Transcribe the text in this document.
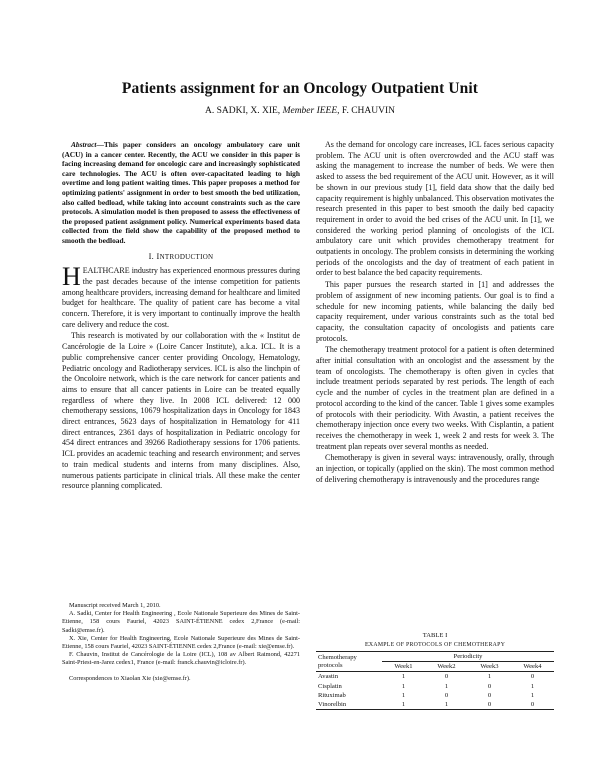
Patients assignment for an Oncology Outpatient Unit
A. SADKI, X. XIE, Member IEEE, F. CHAUVIN

Abstract—This paper considers an oncology ambulatory care unit (ACU) in a cancer center. Recently, the ACU we consider in this paper is facing increasing demand for oncologic care and increasingly sophisticated care technologies. The ACU is often over-capacitated leading to high overtime and long patient waiting times. This paper proposes a method for optimizing patients' assignment in order to best smooth the bed utilization, also called bedload, while taking into account constraints such as the care protocols. A simulation model is then proposed to assess the effectiveness of the proposed patient assignment policy. Numerical experiments based data collected from the field show the capability of the proposed method to smooth the bedload.

I. INTRODUCTION

HEALTHCARE industry has experienced enormous pressures during the past decades because of the intense competition for patients among healthcare providers, increasing demand for healthcare and limited budget for healthcare. The quality of patient care has become a vital concern. Therefore, it is very important to continually improve the health care delivery and reduce the cost.

This research is motivated by our collaboration with the « Institut de Cancérologie de la Loire » (Loire Cancer Institute), a.k.a. ICL. It is a public comprehensive cancer center providing Oncology, Hematology, Pediatric oncology and Radiotherapy services. ICL is also the linchpin of the Oncoloire network, which is the care network for cancer patients and aims to ensure that all cancer patients in Loire can be treated equally regardless of where they live. In 2008 ICL delivered: 12 000 chemotherapy sessions, 10679 hospitalization days in Oncology for 1843 direct entrances, 5623 days of hospitalization in Hematology for 411 direct entrances, 2361 days of hospitalization in Pediatric oncology for 454 direct entrances and 39266 Radiotherapy sessions for 1706 patients. ICL provides an academic teaching and research environment; and serves to train medical students and interns from many disciplines. Also, numerous patients participate in clinical trials. All these make the center resource planning complicated.

Manuscript received March 1, 2010.

A. Sadki, Center for Health Engineering , Ecole Nationale Superieure des Mines de Saint-Etienne, 158 cours Fauriel, 42023 SAINT-ÉTIENNE cedex 2,France (e-mail: Sadki@emse.fr).

X. Xie, Center for Health Engineering, Ecole Nationale Superieure des Mines de Saint-Etienne, 158 cours Fauriel, 42023 SAINT-ÉTIENNE cedex 2,France (e-mail: xie@emse.fr).

F. Chauvin, Institut de Cancérologie de la Loire (ICL), 108 av Albert Raimond, 42271 Saint-Priest-en-Jarez cedex1, France (e-mail: franck.chauvin@icloire.fr).

Correspondences to Xiaolan Xie (xie@emse.fr).

As the demand for oncology care increases, ICL faces serious capacity problem. The ACU unit is often overcrowded and the ACU staff was asking the management to increase the number of beds. We were then asked to assess the bed requirement of the ACU unit. However, as it will be shown in our previous study [1], field data show that the daily bed capacity requirement is highly unbalanced. This observation motivates the research presented in this paper to best smooth the daily bed capacity requirement in order to avoid the bed crises of the ACU unit. In [1], we considered the working period planning of oncologists of the ICL ambulatory care unit which provides chemotherapy treatment for outpatients in oncology. The problem consists in determining the working periods of the oncologists and the day of treatment of each patient in order to best balance the bed capacity requirements.

This paper pursues the research started in [1] and addresses the problem of assignment of new incoming patients. Our goal is to find a schedule for new incoming patients, while balancing the daily bed capacity requirement, under various constraints such as the total bed capacity, the consultation capacity of oncologists and patients care protocols.

The chemotherapy treatment protocol for a patient is often determined after initial consultation with an oncologist and the assessment by the team of oncologists. The chemotherapy is often given in cycles that include treatment periods separated by rest periods. The length of each cycle and the number of cycles in the treatment plan are defined in a protocol according to the kind of the cancer. Table 1 gives some examples of protocols with their periodicity. With Avastin, a patient receives the chemotherapy injection once every two weeks. With Cisplantin, a patient receives the chemotherapy in week 1, week 2 and rests for week 3. The treatment plan repeats over several months as needed.

Chemotherapy is given in several ways: intravenously, orally, through an injection, or topically (applied on the skin). The most common method of delivering chemotherapy is intravenously and the procedures range

TABLE I
EXAMPLE OF PROTOCOLS OF CHEMOTHERAPY
Chemotherapy protocols	Periodicity			
	Week1	Week2	Week3	Week4
Avastin	1	0	1	0
Cisplatin	1	1	0	1
Rituximab	1	0	0	1
Vinorelbin	1	1	0	0
